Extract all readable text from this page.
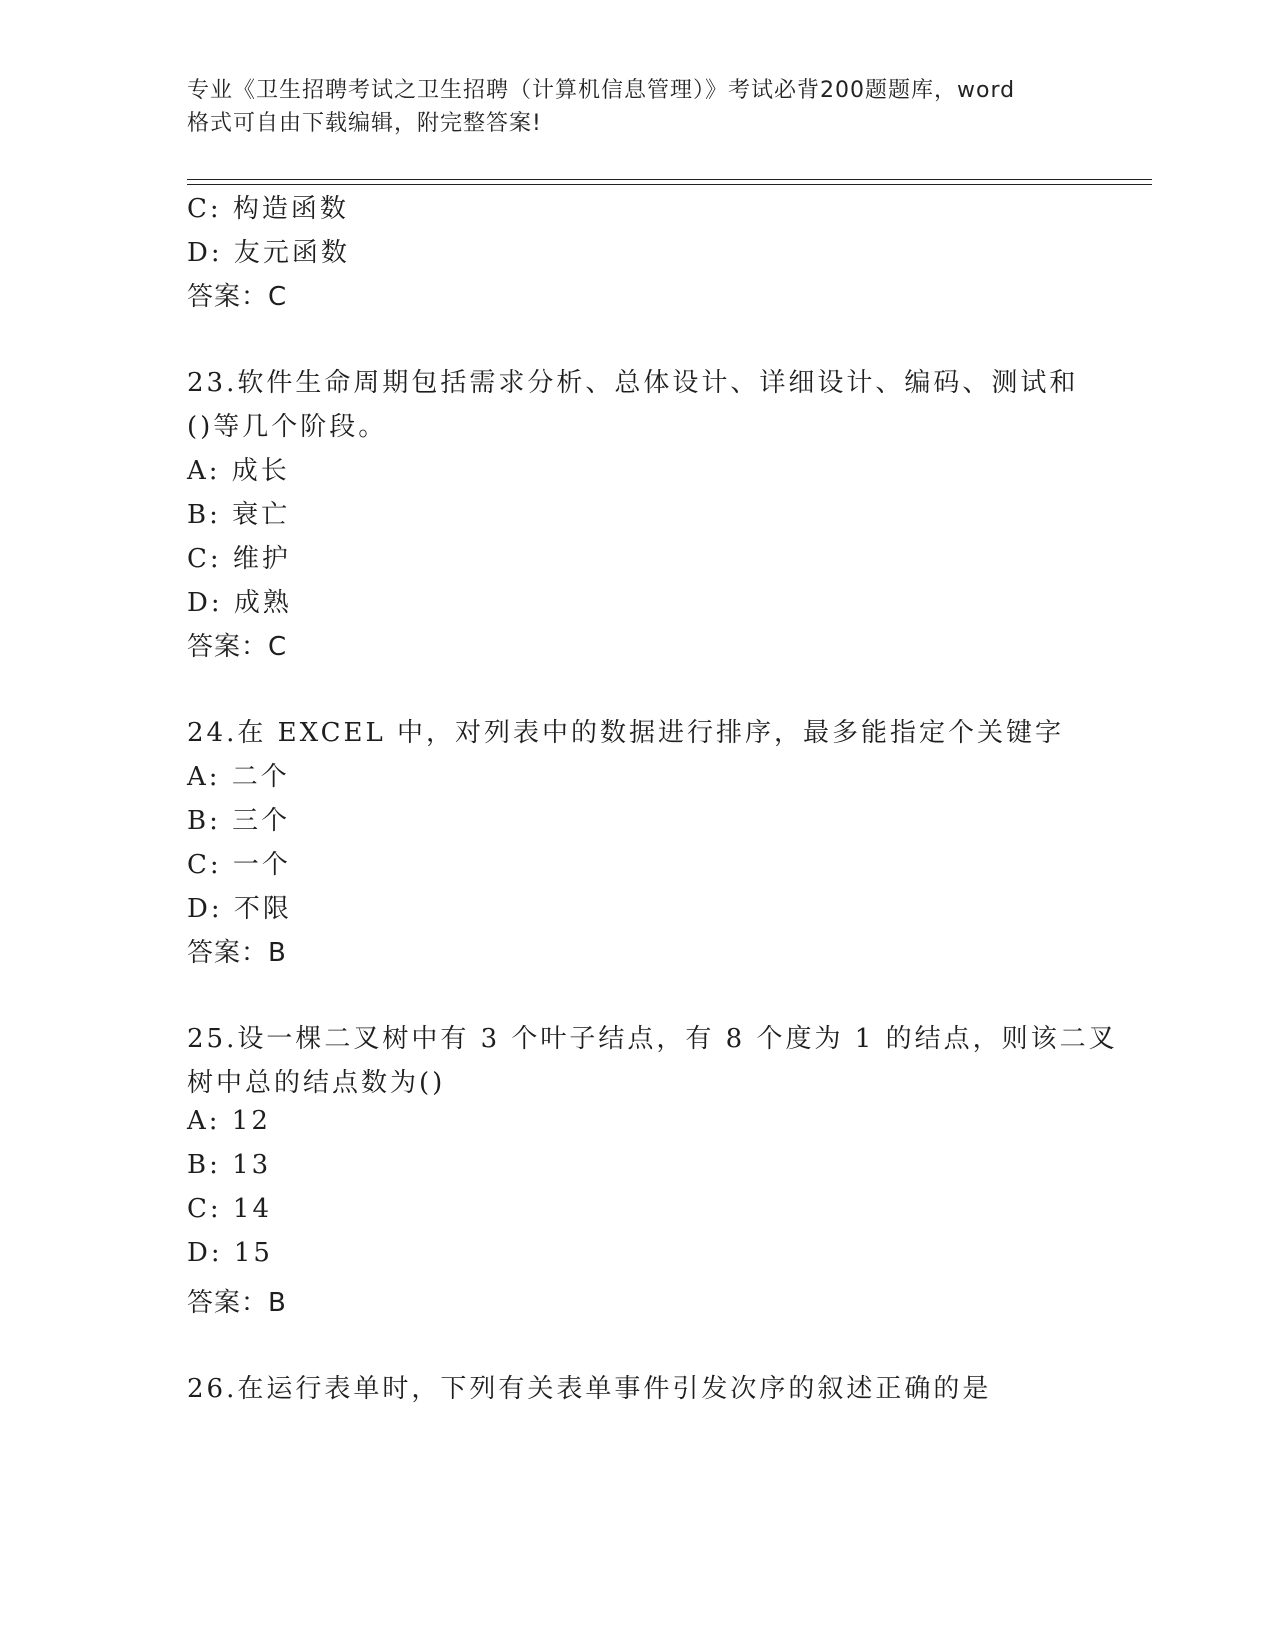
专业《卫生招聘考试之卫生招聘（计算机信息管理）》考试必背200题题库，word
格式可自由下载编辑，附完整答案!
C: 构造函数
D: 友元函数
答案：C
23.软件生命周期包括需求分析、总体设计、详细设计、编码、测试和
()等几个阶段。
A: 成长
B: 衰亡
C: 维护
D: 成熟
答案：C
24.在 EXCEL 中，对列表中的数据进行排序，最多能指定个关键字
A: 二个
B: 三个
C: 一个
D: 不限
答案：B
25.设一棵二叉树中有 3 个叶子结点，有 8 个度为 1 的结点，则该二叉
树中总的结点数为()
A: 12
B: 13
C: 14
D: 15
答案：B
26.在运行表单时，下列有关表单事件引发次序的叙述正确的是
